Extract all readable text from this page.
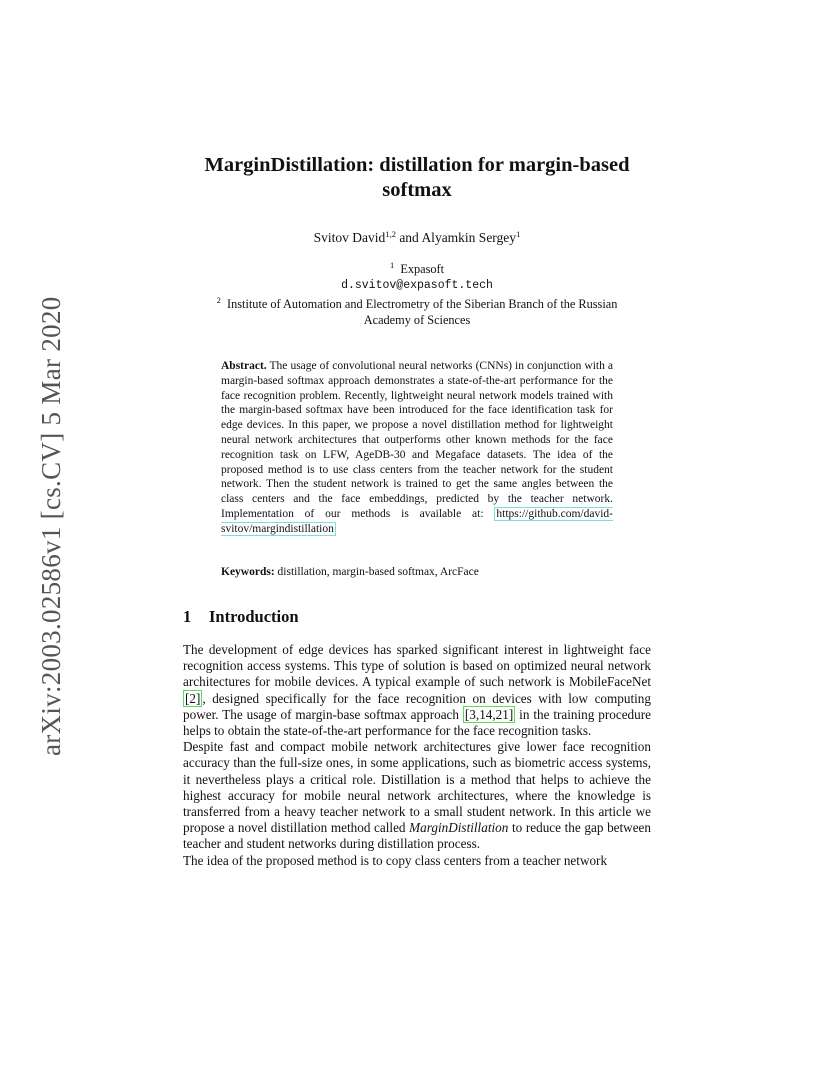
arXiv:2003.02586v1 [cs.CV] 5 Mar 2020
MarginDistillation: distillation for margin-based
softmax
Svitov David$^{1,2}$ and Alyamkin Sergey$^1$
$^1$ Expasoft
d.svitov@expasoft.tech
$^2$ Institute of Automation and Electrometry of the Siberian Branch of the Russian
Academy of Sciences
Abstract. The usage of convolutional neural networks (CNNs) in conjunction with a margin-based softmax approach demonstrates a state-of-the-art performance for the face recognition problem. Recently, lightweight neural network models trained with the margin-based softmax have been introduced for the face identification task for edge devices. In this paper, we propose a novel distillation method for lightweight neural network architectures that outperforms other known methods for the face recognition task on LFW, AgeDB-30 and Megaface datasets. The idea of the proposed method is to use class centers from the teacher network for the student network. Then the student network is trained to get the same angles between the class centers and the face embeddings, predicted by the teacher network. Implementation of our methods is available at: https://github.com/david-svitov/margindistillation
Keywords: distillation, margin-based softmax, ArcFace
1 Introduction

The development of edge devices has sparked significant interest in lightweight face recognition access systems. This type of solution is based on optimized neural network architectures for mobile devices. A typical example of such network is MobileFaceNet [2] , designed specifically for the face recognition on devices with low computing power. The usage of margin-base softmax approach [3,14,21] in the training procedure helps to obtain the state-of-the-art performance for the face recognition tasks.

Despite fast and compact mobile network architectures give lower face recognition accuracy than the full-size ones, in some applications, such as biometric access systems, it nevertheless plays a critical role. Distillation is a method that helps to achieve the highest accuracy for mobile neural network architectures, where the knowledge is transferred from a heavy teacher network to a small student network. In this article we propose a novel distillation method called MarginDistillation to reduce the gap between teacher and student networks during distillation process.

The idea of the proposed method is to copy class centers from a teacher network
